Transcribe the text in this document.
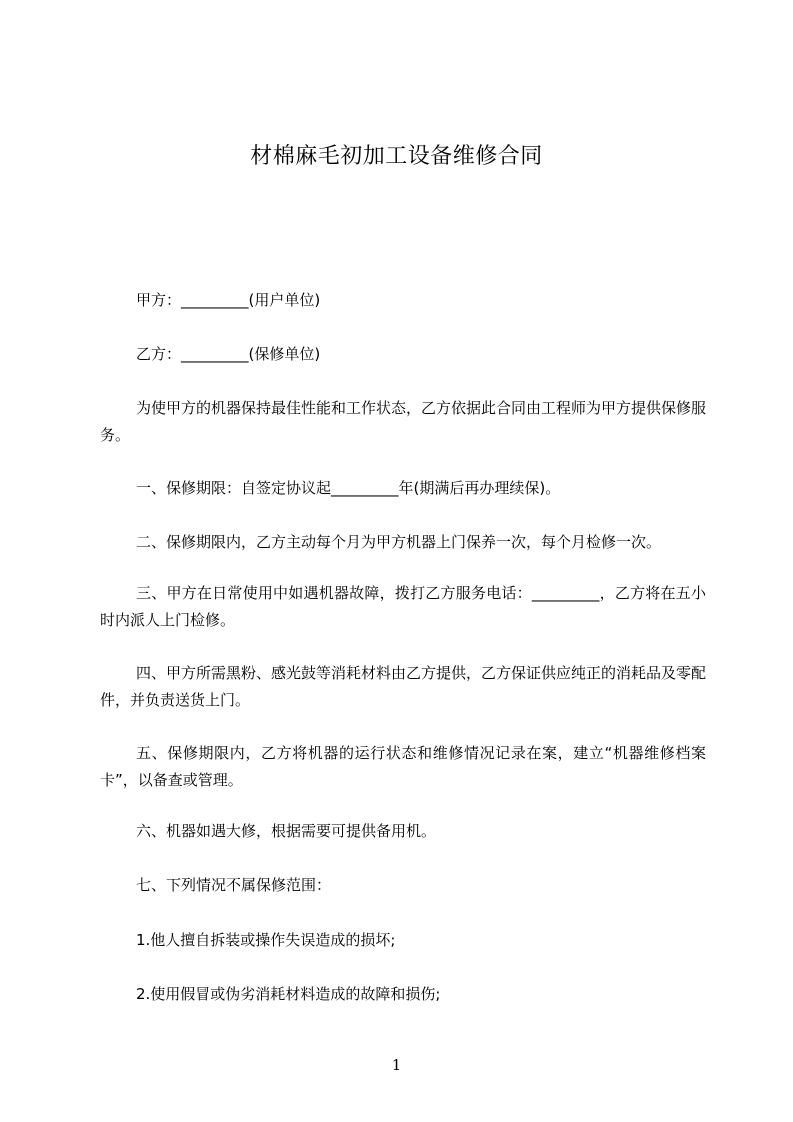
材棉麻毛初加工设备维修合同

甲方：_________(用户单位)

乙方：_________(保修单位)

为使甲方的机器保持最佳性能和工作状态，乙方依据此合同由工程师为甲方提供保修服务。

一、保修期限：自签定协议起_________年(期满后再办理续保)。

二、保修期限内，乙方主动每个月为甲方机器上门保养一次，每个月检修一次。

三、甲方在日常使用中如遇机器故障，拨打乙方服务电话：_________，乙方将在五小时内派人上门检修。

四、甲方所需黑粉、感光鼓等消耗材料由乙方提供，乙方保证供应纯正的消耗品及零配件，并负责送货上门。

五、保修期限内，乙方将机器的运行状态和维修情况记录在案，建立“机器维修档案卡”，以备查或管理。

六、机器如遇大修，根据需要可提供备用机。

七、下列情况不属保修范围：

1.他人擅自拆装或操作失误造成的损坏;

2.使用假冒或伪劣消耗材料造成的故障和损伤;

1
